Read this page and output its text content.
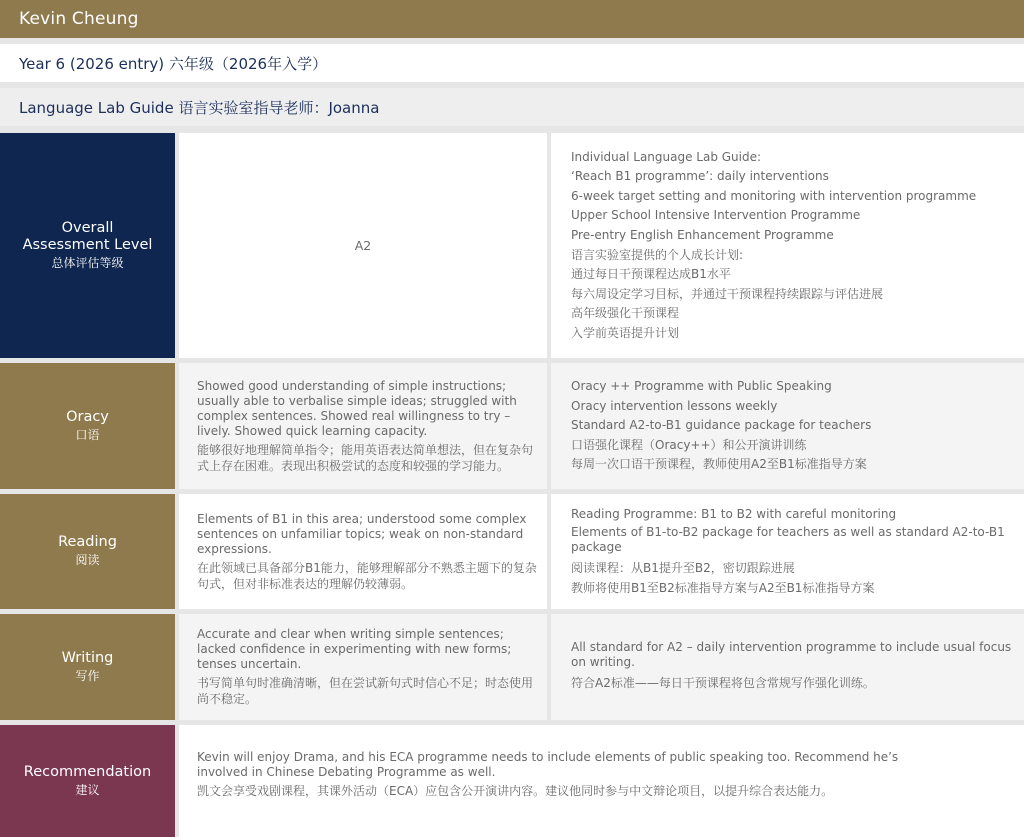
Kevin Cheung
Year 6 (2026 entry) 六年级（2026年入学）
Language Lab Guide 语言实验室指导老师：Joanna
Overall Assessment Level
总体评估等级
A2
Individual Language Lab Guide:
‘Reach B1 programme’: daily interventions
6-week target setting and monitoring with intervention programme
Upper School Intensive Intervention Programme
Pre-entry English Enhancement Programme
语言实验室提供的个人成长计划:
通过每日干预课程达成B1水平
每六周设定学习目标，并通过干预课程持续跟踪与评估进展
高年级强化干预课程
入学前英语提升计划
Oracy
口语
Showed good understanding of simple instructions; usually able to verbalise simple ideas; struggled with complex sentences. Showed real willingness to try – lively. Showed quick learning capacity.
能够很好地理解简单指令；能用英语表达简单想法，但在复杂句式上存在困难。表现出积极尝试的态度和较强的学习能力。
Oracy ++ Programme with Public Speaking
Oracy intervention lessons weekly
Standard A2-to-B1 guidance package for teachers
口语强化课程（Oracy++）和公开演讲训练
每周一次口语干预课程，教师使用A2至B1标准指导方案
Reading
阅读
Elements of B1 in this area; understood some complex sentences on unfamiliar topics; weak on non-standard expressions.
在此领域已具备部分B1能力，能够理解部分不熟悉主题下的复杂句式，但对非标准表达的理解仍较薄弱。
Reading Programme: B1 to B2 with careful monitoring
Elements of B1-to-B2 package for teachers as well as standard A2-to-B1 package
阅读课程：从B1提升至B2，密切跟踪进展
教师将使用B1至B2标准指导方案与A2至B1标准指导方案
Writing
写作
Accurate and clear when writing simple sentences; lacked confidence in experimenting with new forms; tenses uncertain.
书写简单句时准确清晰，但在尝试新句式时信心不足；时态使用尚不稳定。
All standard for A2 – daily intervention programme to include usual focus on writing.
符合A2标准——每日干预课程将包含常规写作强化训练。
Recommendation
建议
Kevin will enjoy Drama, and his ECA programme needs to include elements of public speaking too. Recommend he’s involved in Chinese Debating Programme as well.
凯文会享受戏剧课程，其课外活动（ECA）应包含公开演讲内容。建议他同时参与中文辩论项目，以提升综合表达能力。
